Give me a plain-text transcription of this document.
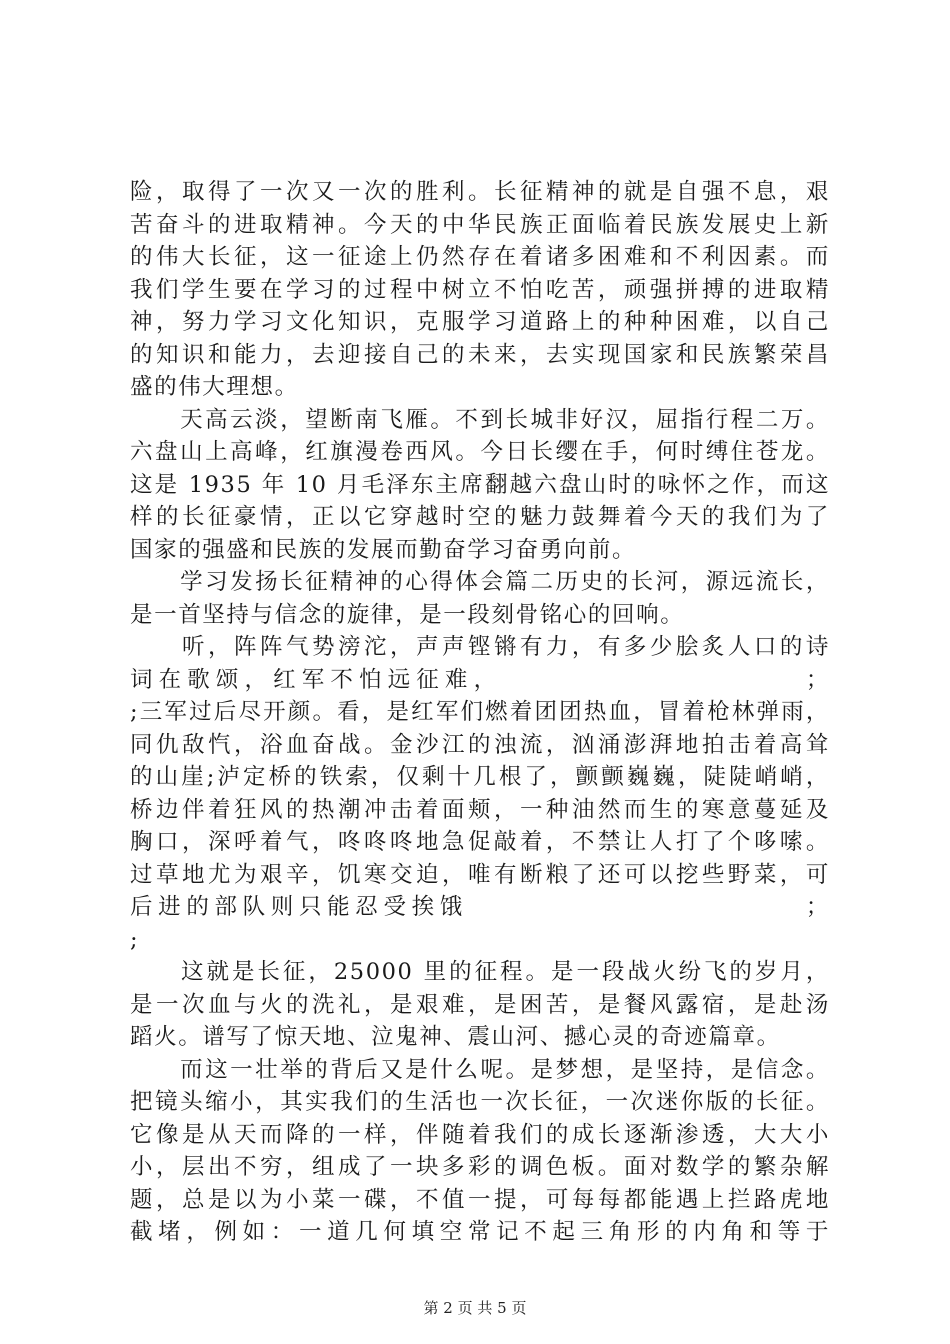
险，取得了一次又一次的胜利。长征精神的就是自强不息，艰
苦奋斗的进取精神。今天的中华民族正面临着民族发展史上新
的伟大长征，这一征途上仍然存在着诸多困难和不利因素。而
我们学生要在学习的过程中树立不怕吃苦，顽强拼搏的进取精
神，努力学习文化知识，克服学习道路上的种种困难，以自己
的知识和能力，去迎接自己的未来，去实现国家和民族繁荣昌
盛的伟大理想。
　　天高云淡，望断南飞雁。不到长城非好汉，屈指行程二万。
六盘山上高峰，红旗漫卷西风。今日长缨在手，何时缚住苍龙。
这是 1935 年 10 月毛泽东主席翻越六盘山时的咏怀之作，而这
样的长征豪情，正以它穿越时空的魅力鼓舞着今天的我们为了
国家的强盛和民族的发展而勤奋学习奋勇向前。
　　学习发扬长征精神的心得体会篇二历史的长河，源远流长，
是一首坚持与信念的旋律，是一段刻骨铭心的回响。
　　听，阵阵气势滂沱，声声铿锵有力，有多少脍炙人口的诗
词在歌颂，红军不怕远征难，　　　　　　　　　　　；
;三军过后尽开颜。看，是红军们燃着团团热血，冒着枪林弹雨，
同仇敌忾，浴血奋战。金沙江的浊流，汹涌澎湃地拍击着高耸
的山崖;泸定桥的铁索，仅剩十几根了，颤颤巍巍，陡陡峭峭，
桥边伴着狂风的热潮冲击着面颊，一种油然而生的寒意蔓延及
胸口，深呼着气，咚咚咚地急促敲着，不禁让人打了个哆嗦。
过草地尤为艰辛，饥寒交迫，唯有断粮了还可以挖些野菜，可
后进的部队则只能忍受挨饿　　　　　　　　　　　　；
;
　　这就是长征，25000 里的征程。是一段战火纷飞的岁月，
是一次血与火的洗礼，是艰难，是困苦，是餐风露宿，是赴汤
蹈火。谱写了惊天地、泣鬼神、震山河、撼心灵的奇迹篇章。
　　而这一壮举的背后又是什么呢。是梦想，是坚持，是信念。
把镜头缩小，其实我们的生活也一次长征，一次迷你版的长征。
它像是从天而降的一样，伴随着我们的成长逐渐渗透，大大小
小，层出不穷，组成了一块多彩的调色板。面对数学的繁杂解
题，总是以为小菜一碟，不值一提，可每每都能遇上拦路虎地
截堵，例如：一道几何填空常记不起三角形的内角和等于
第 2 页 共 5 页
